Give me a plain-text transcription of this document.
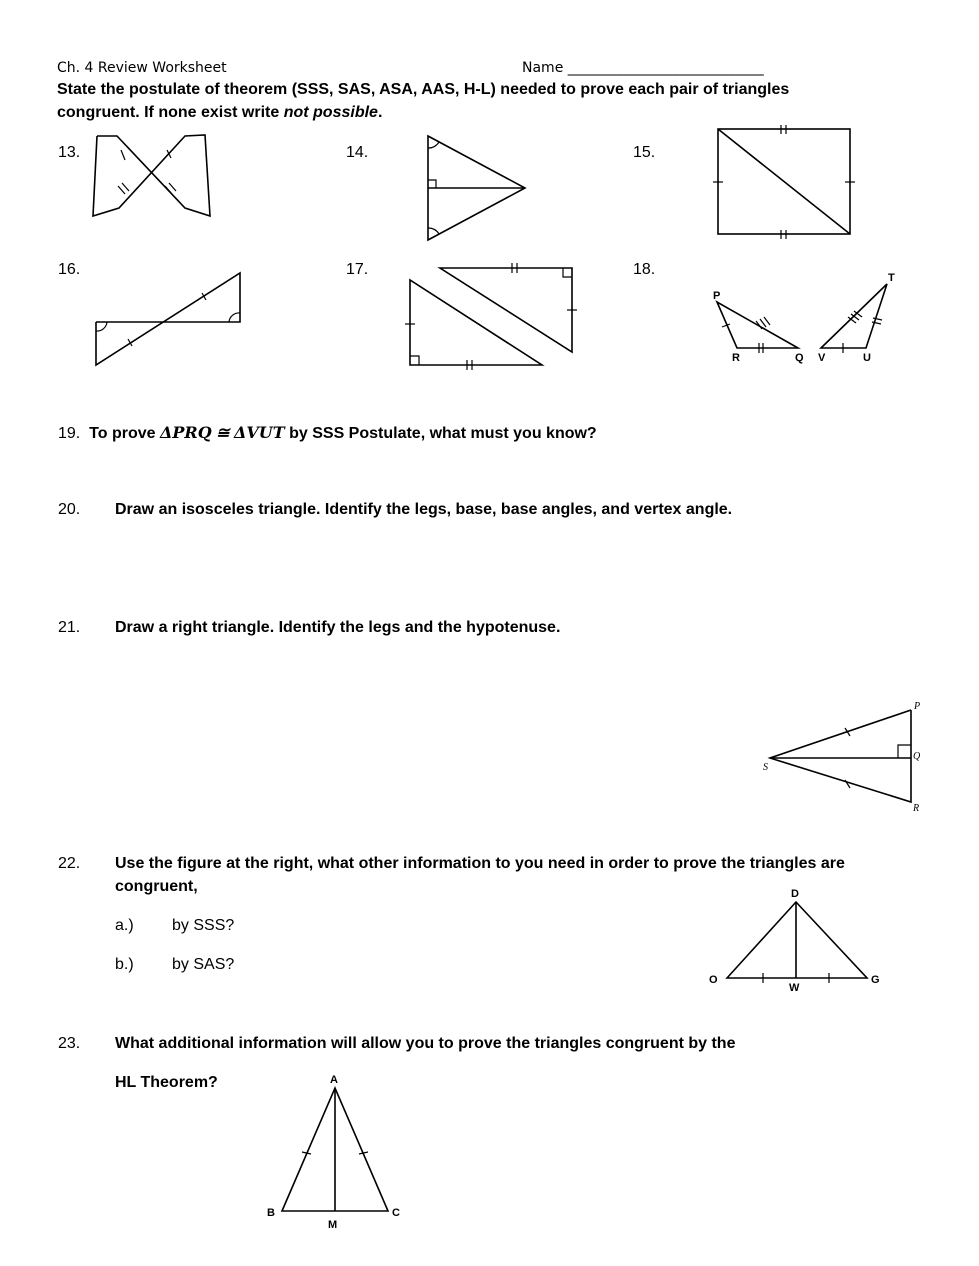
Ch. 4 Review Worksheet	Name ____________________________
State the postulate of theorem (SSS, SAS, ASA, AAS, H-L) needed to prove each pair of triangles
congruent. If none exist write not possible.
13.	14.	15.
16.	17.	18.
P
R	Q V	U
T
19. To prove ΔPRQ ≅ ΔVUT by SSS Postulate, what must you know?
20. Draw an isosceles triangle. Identify the legs, base, base angles, and vertex angle.
21. Draw a right triangle. Identify the legs and the hypotenuse.
P
Q
R
S
22. Use the figure at the right, what other information to you need in order to prove the triangles are
congruent,
a.) by SSS?
b.) by SAS?
D
O
W
G
23. What additional information will allow you to prove the triangles congruent by the
HL Theorem?	A
B
M
C
